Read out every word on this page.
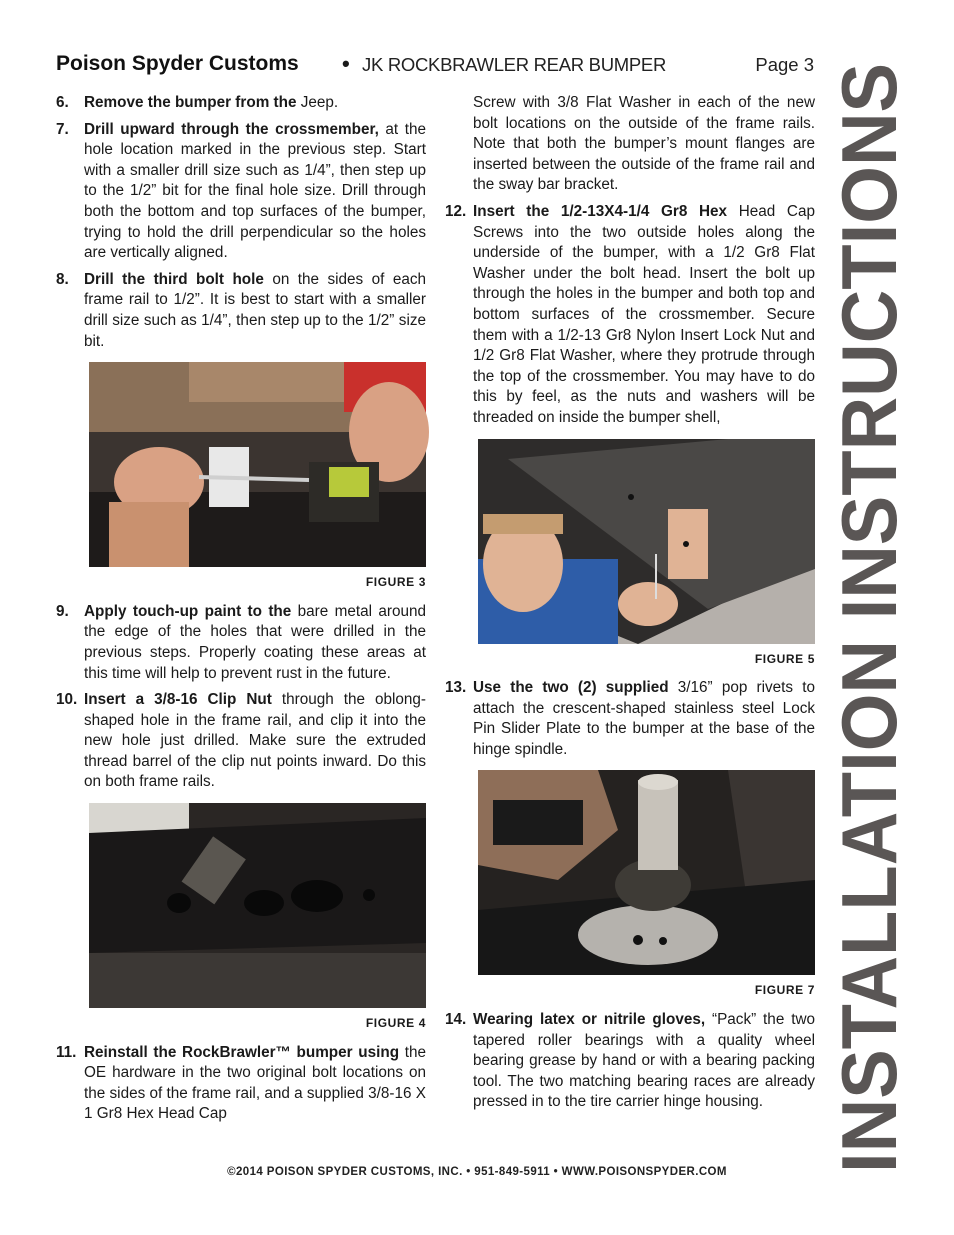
Poison Spyder Customs • JK ROCKBRAWLER REAR BUMPER	Page 3
6. Remove the bumper from the Jeep.
7. Drill upward through the crossmember, at the hole location marked in the previous step. Start with a smaller drill size such as 1/4”, then step up to the 1/2” bit for the final hole size. Drill through both the bottom and top surfaces of the bumper, trying to hold the drill perpendicular so the holes are vertically aligned.
8. Drill the third bolt hole on the sides of each frame rail to 1/2”. It is best to start with a smaller drill size such as 1/4”, then step up to the 1/2” size bit.
FIGURE 3
9. Apply touch-up paint to the bare metal around the edge of the holes that were drilled in the previous steps. Properly coating these areas at this time will help to prevent rust in the future.
10. Insert a 3/8-16 Clip Nut through the oblong-shaped hole in the frame rail, and clip it into the new hole just drilled. Make sure the extruded thread barrel of the clip nut points inward. Do this on both frame rails.
FIGURE 4
11. Reinstall the RockBrawler™ bumper using the OE hardware in the two original bolt locations on the sides of the frame rail, and a supplied 3/8-16 X 1 Gr8 Hex Head Cap
Screw with 3/8 Flat Washer in each of the new bolt locations on the outside of the frame rails. Note that both the bumper’s mount flanges are inserted between the outside of the frame rail and the sway bar bracket.
12. Insert the 1/2-13X4-1/4 Gr8 Hex Head Cap Screws into the two outside holes along the underside of the bumper, with a 1/2 Gr8 Flat Washer under the bolt head. Insert the bolt up through the holes in the bumper and both top and bottom surfaces of the crossmember. Secure them with a 1/2-13 Gr8 Nylon Insert Lock Nut and 1/2 Gr8 Flat Washer, where they protrude through the top of the crossmember. You may have to do this by feel, as the nuts and washers will be threaded on inside the bumper shell,
FIGURE 5
13. Use the two (2) supplied 3/16” pop rivets to attach the crescent-shaped stainless steel Lock Pin Slider Plate to the bumper at the base of the hinge spindle.
FIGURE 7
14. Wearing latex or nitrile gloves, “Pack” the two tapered roller bearings with a quality wheel bearing grease by hand or with a bearing packing tool. The two matching bearing races are already pressed in to the tire carrier hinge housing. INSTALLATION INSTRUCTIONS
©2014 POISON SPYDER CUSTOMS, INC. • 951-849-5911 • WWW.POISONSPYDER.COM
